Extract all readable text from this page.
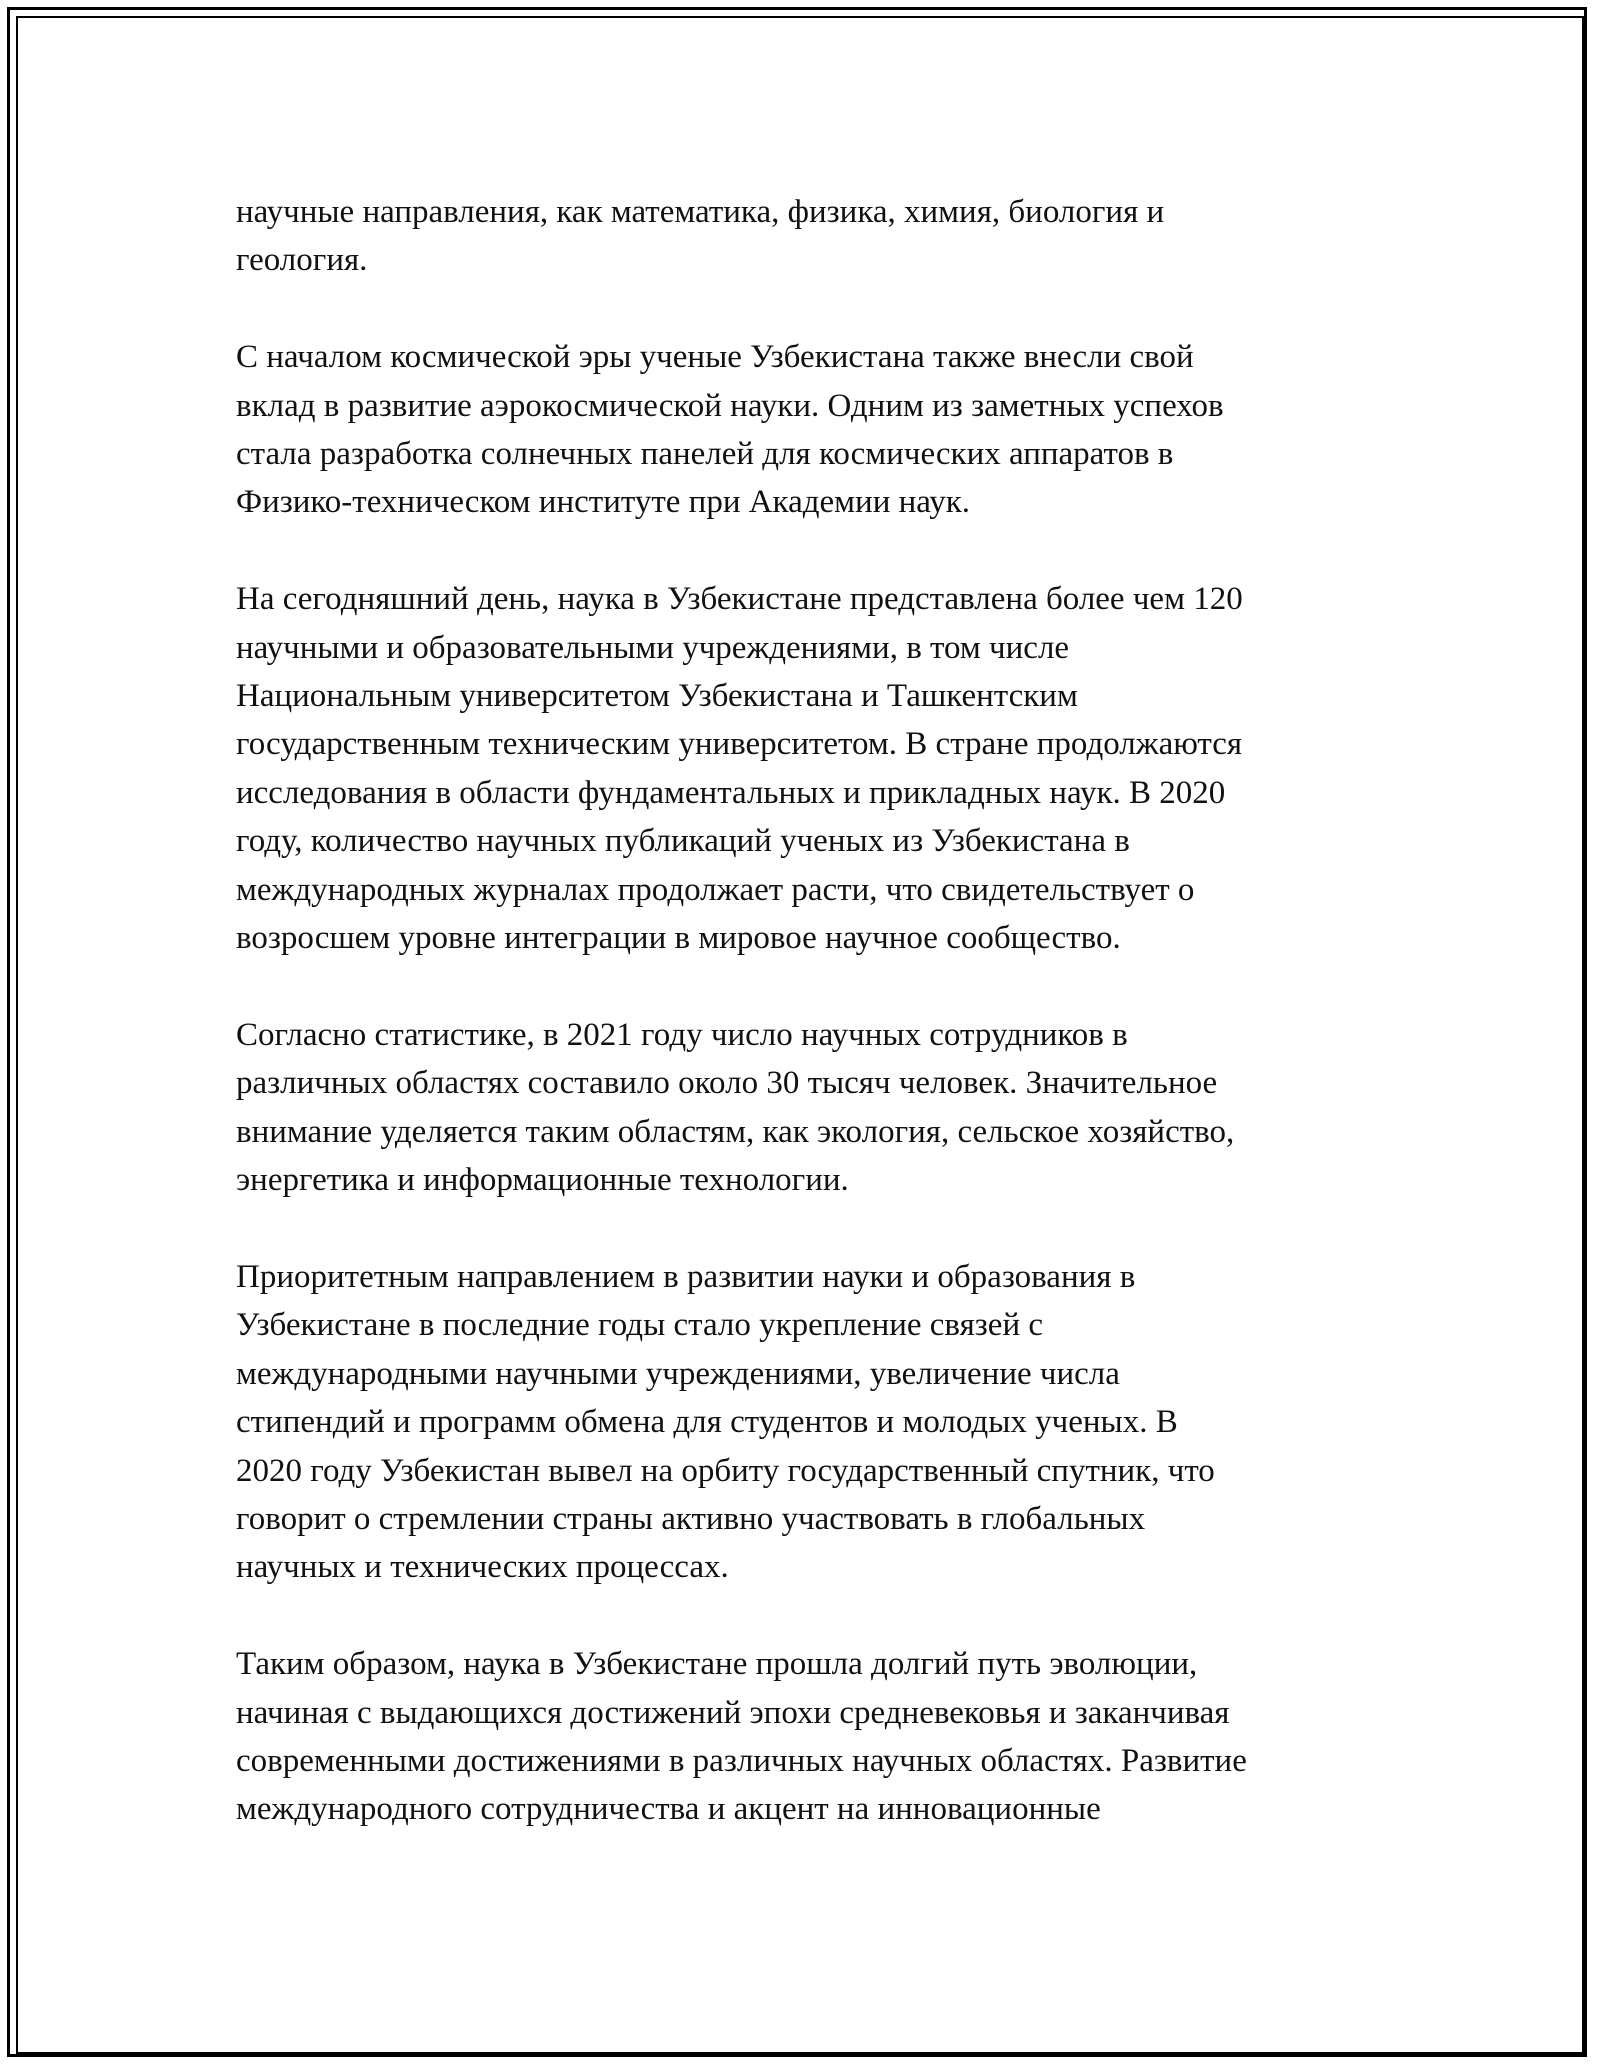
научные направления, как математика, физика, химия, биология и
геология.

С началом космической эры ученые Узбекистана также внесли свой
вклад в развитие аэрокосмической науки. Одним из заметных успехов
стала разработка солнечных панелей для космических аппаратов в
Физико-техническом институте при Академии наук.

На сегодняшний день, наука в Узбекистане представлена более чем 120
научными и образовательными учреждениями, в том числе
Национальным университетом Узбекистана и Ташкентским
государственным техническим университетом. В стране продолжаются
исследования в области фундаментальных и прикладных наук. В 2020
году, количество научных публикаций ученых из Узбекистана в
международных журналах продолжает расти, что свидетельствует о
возросшем уровне интеграции в мировое научное сообщество.

Согласно статистике, в 2021 году число научных сотрудников в
различных областях составило около 30 тысяч человек. Значительное
внимание уделяется таким областям, как экология, сельское хозяйство,
энергетика и информационные технологии.

Приоритетным направлением в развитии науки и образования в
Узбекистане в последние годы стало укрепление связей с
международными научными учреждениями, увеличение числа
стипендий и программ обмена для студентов и молодых ученых. В
2020 году Узбекистан вывел на орбиту государственный спутник, что
говорит о стремлении страны активно участвовать в глобальных
научных и технических процессах.

Таким образом, наука в Узбекистане прошла долгий путь эволюции,
начиная с выдающихся достижений эпохи средневековья и заканчивая
современными достижениями в различных научных областях. Развитие
международного сотрудничества и акцент на инновационные
